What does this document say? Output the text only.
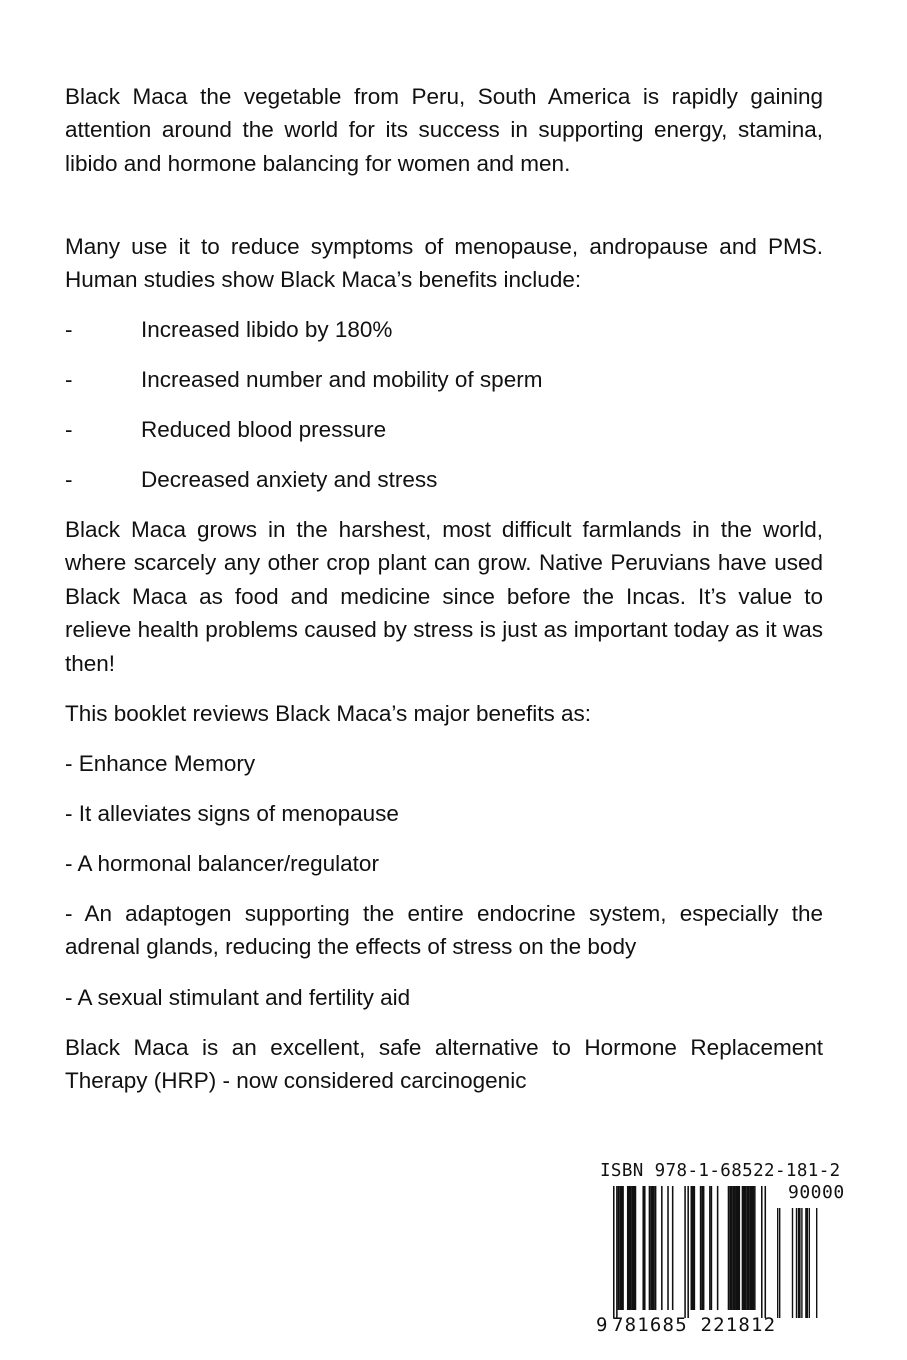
Black Maca the vegetable from Peru, South America is rapidly gaining attention around the world for its success in supporting energy, stamina, libido and hormone balancing for women and men.

Many use it to reduce symptoms of menopause, andropause and PMS. Human studies show Black Maca’s benefits include:

-	Increased libido by 180%
-	Increased number and mobility of sperm
-	Reduced blood pressure
-	Decreased anxiety and stress

Black Maca grows in the harshest, most difficult farmlands in the world, where scarcely any other crop plant can grow. Native Peruvians have used Black Maca as food and medicine since before the Incas. It’s value to relieve health problems caused by stress is just as important today as it was then!

This booklet reviews Black Maca’s major benefits as:

- Enhance Memory

- It alleviates signs of menopause

- A hormonal balancer/regulator

- An adaptogen supporting the entire endocrine system, especially the adrenal glands, reducing the effects of stress on the body

- A sexual stimulant and fertility aid

Black Maca is an excellent, safe alternative to Hormone Replacement Therapy (HRP) - now considered carcinogenic

ISBN 978-1-68522-181-2
90000
9 781685 221812
